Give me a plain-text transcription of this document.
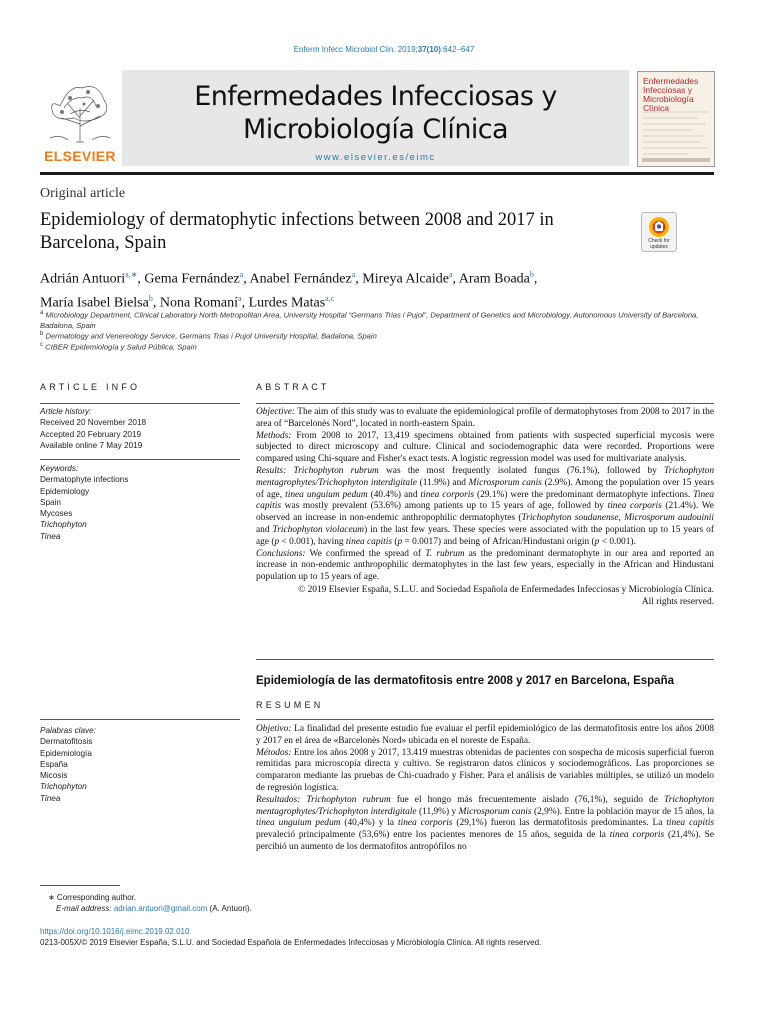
Enferm Infecc Microbiol Clin. 2019;37(10):642–647
ELSEVIER
Enfermedades Infecciosas y
Microbiología Clínica
www.elsevier.es/eimc
Enfermedades Infecciosas y Microbiología Clínica
Original article
Epidemiology of dermatophytic infections between 2008 and 2017 in Barcelona, Spain	Check for updates
Adrián Antuori$^{a,∗}$, Gema Fernández$^a$, Anabel Fernández$^a$, Mireya Alcaide$^a$, Aram Boada$^b$,
María Isabel Bielsa$^b$, Nona Romaní$^a$, Lurdes Matas$^{a,c}$
$^a$ Microbiology Department, Clinical Laboratory North Metropolitan Area, University Hospital “Germans Trias i Pujol”, Department of Genetics and Microbiology, Autonomous University of Barcelona, Badalona, Spain
$^b$ Dermatology and Venereology Service, Germans Trias i Pujol University Hospital, Badalona, Spain
$^c$ CIBER Epidemiología y Salud Pública, Spain
ARTICLE INFO
Article history:
Received 20 November 2018
Accepted 20 February 2019
Available online 7 May 2019
Keywords:
Dermatophyte infections
Epidemiology
Spain
Mycoses
Trichophyton
Tinea
ABSTRACT
Objective: The aim of this study was to evaluate the epidemiological profile of dermatophytoses from 2008 to 2017 in the area of “Barcelonès Nord”, located in north-eastern Spain.
Methods: From 2008 to 2017, 13,419 specimens obtained from patients with suspected superficial mycosis were subjected to direct microscopy and culture. Clinical and sociodemographic data were recorded. Proportions were compared using Chi-square and Fisher's exact tests. A logistic regression model was used for multivariate analysis.
Results: Trichophyton rubrum was the most frequently isolated fungus (76.1%), followed by Trichophyton mentagrophytes/Trichophyton interdigitale (11.9%) and Microsporum canis (2.9%). Among the population over 15 years of age, tinea unguium pedum (40.4%) and tinea corporis (29.1%) were the predominant dermatophyte infections. Tinea capitis was mostly prevalent (53.6%) among patients up to 15 years of age, followed by tinea corporis (21.4%). We observed an increase in non-endemic anthropophilic dermatophytes (Trichophyton soudanense, Microsporum audouinii and Trichophyton violaceum) in the last few years. These species were associated with the population up to 15 years of age (p < 0.001), having tinea capitis (p = 0.0017) and being of African/Hindustani origin (p < 0.001).
Conclusions: We confirmed the spread of T. rubrum as the predominant dermatophyte in our area and reported an increase in non-endemic anthropophilic dermatophytes in the last few years, especially in the African and Hindustani population up to 15 years of age.
© 2019 Elsevier España, S.L.U. and Sociedad Española de Enfermedades Infecciosas y Microbiología Clínica. All rights reserved.
Epidemiología de las dermatofitosis entre 2008 y 2017 en Barcelona, España
RESUMEN
Palabras clave:
Dermatofitosis
Epidemiología
España
Micosis
Trichophyton
Tinea
Objetivo: La finalidad del presente estudio fue evaluar el perfil epidemiológico de las dermatofitosis entre los años 2008 y 2017 en el área de «Barcelonès Nord» ubicada en el noreste de España.
Métodos: Entre los años 2008 y 2017, 13.419 muestras obtenidas de pacientes con sospecha de micosis superficial fueron remitidas para microscopía directa y cultivo. Se registraron datos clínicos y sociodemográficos. Las proporciones se compararon mediante las pruebas de Chi-cuadrado y Fisher. Para el análisis de variables múltiples, se utilizó un modelo de regresión logística.
Resultados: Trichophyton rubrum fue el hongo más frecuentemente aislado (76,1%), seguido de Trichophyton mentagrophytes/Trichophyton interdigitale (11,9%) y Microsporum canis (2,9%). Entre la población mayor de 15 años, la tinea unguium pedum (40,4%) y la tinea corporis (29,1%) fueron las dermatofitosis predominantes. La tinea capitis prevaleció principalmente (53,6%) entre los pacientes menores de 15 años, seguida de la tinea corporis (21,4%). Se percibió un aumento de los dermatofitos antropófilos no
∗ Corresponding author.
E-mail address: adrian.antuori@gmail.com (A. Antuori).
https://doi.org/10.1016/j.eimc.2019.02.010
0213-005X/© 2019 Elsevier España, S.L.U. and Sociedad Española de Enfermedades Infecciosas y Microbiología Clínica. All rights reserved.
